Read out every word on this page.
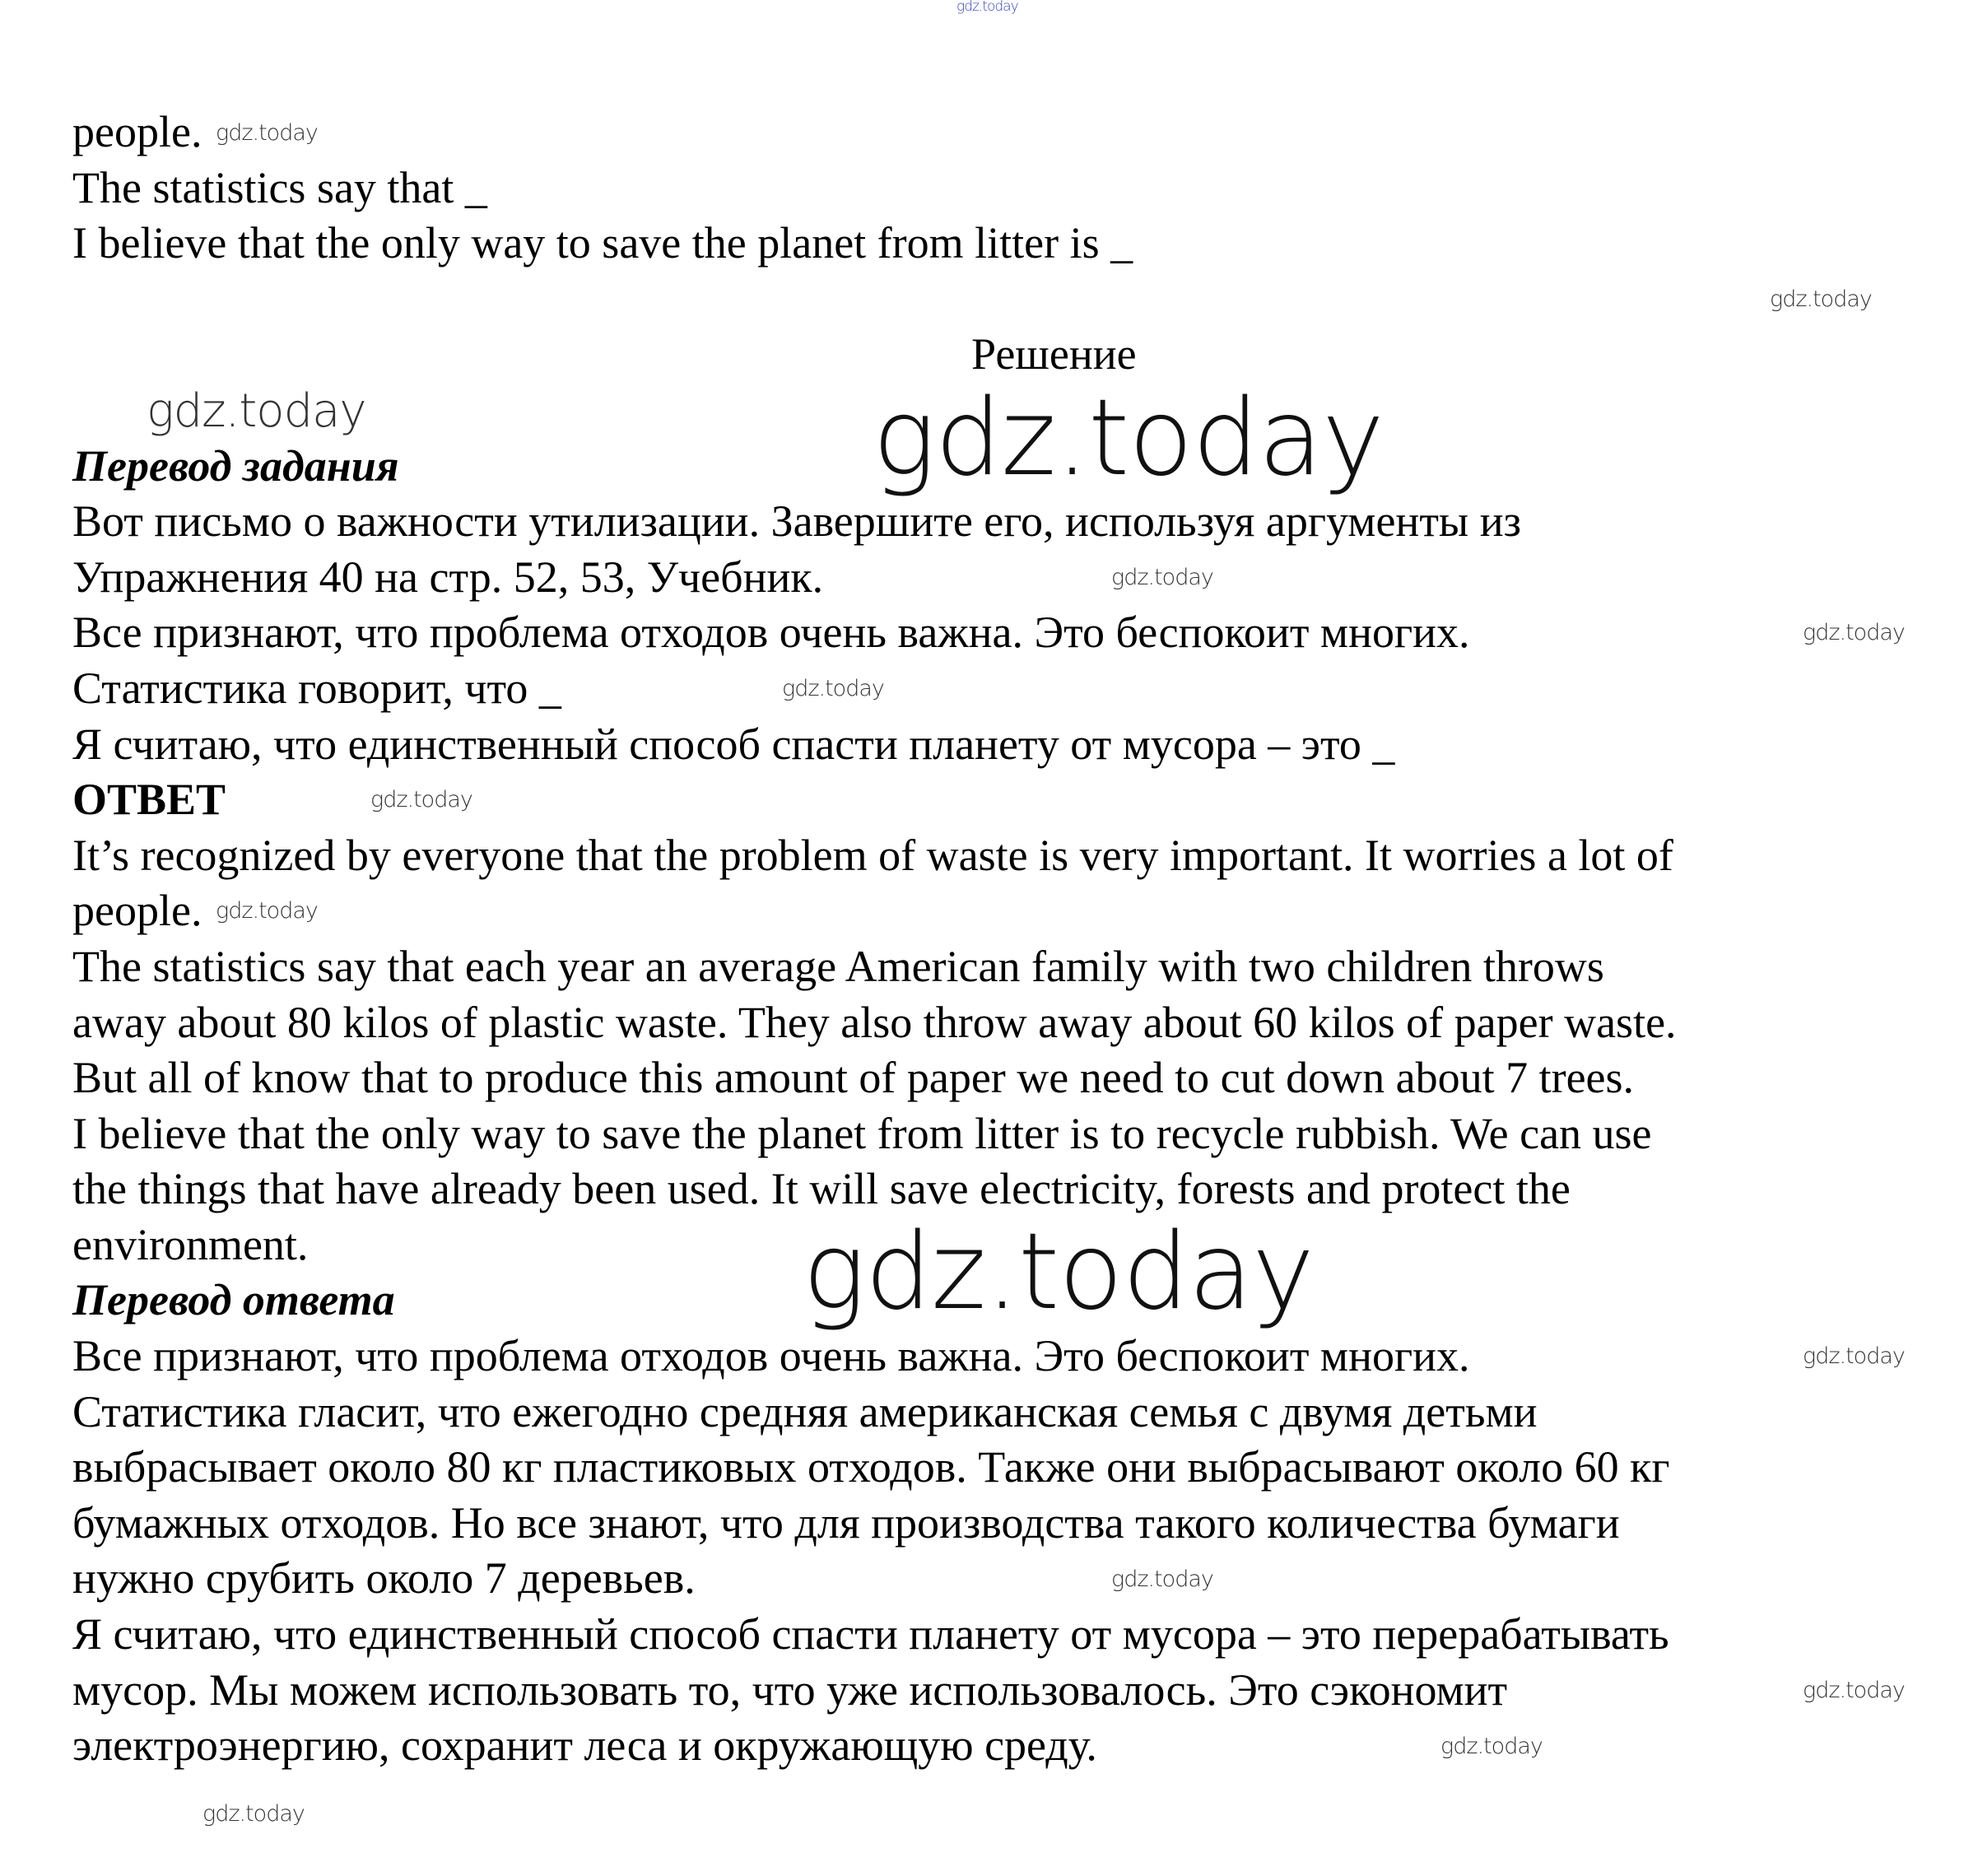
people.
The statistics say that _
I believe that the only way to save the planet from litter is _
Решение
Перевод задания
Вот письмо о важности утилизации. Завершите его, используя аргументы из
Упражнения 40 на стр. 52, 53, Учебник.
Все признают, что проблема отходов очень важна. Это беспокоит многих.
Статистика говорит, что _
Я считаю, что единственный способ спасти планету от мусора – это _
ОТВЕТ
It’s recognized by everyone that the problem of waste is very important. It worries a lot of
people.
The statistics say that each year an average American family with two children throws
away about 80 kilos of plastic waste. They also throw away about 60 kilos of paper waste.
But all of know that to produce this amount of paper we need to cut down about 7 trees.
I believe that the only way to save the planet from litter is to recycle rubbish. We can use
the things that have already been used. It will save electricity, forests and protect the
environment.
Перевод ответа
Все признают, что проблема отходов очень важна. Это беспокоит многих.
Статистика гласит, что ежегодно средняя американская семья с двумя детьми
выбрасывает около 80 кг пластиковых отходов. Также они выбрасывают около 60 кг
бумажных отходов. Но все знают, что для производства такого количества бумаги
нужно срубить около 7 деревьев.
Я считаю, что единственный способ спасти планету от мусора – это перерабатывать
мусор. Мы можем использовать то, что уже использовалось. Это сэкономит
электроэнергию, сохранит леса и окружающую среду.
gdz.today
gdz.today
gdz.today
gdz.today	gdz.today
gdz.today
gdz.today
gdz.today
gdz.today
gdz.today
gdz.today
gdz.today
gdz.today
gdz.today
gdz.today
gdz.today
